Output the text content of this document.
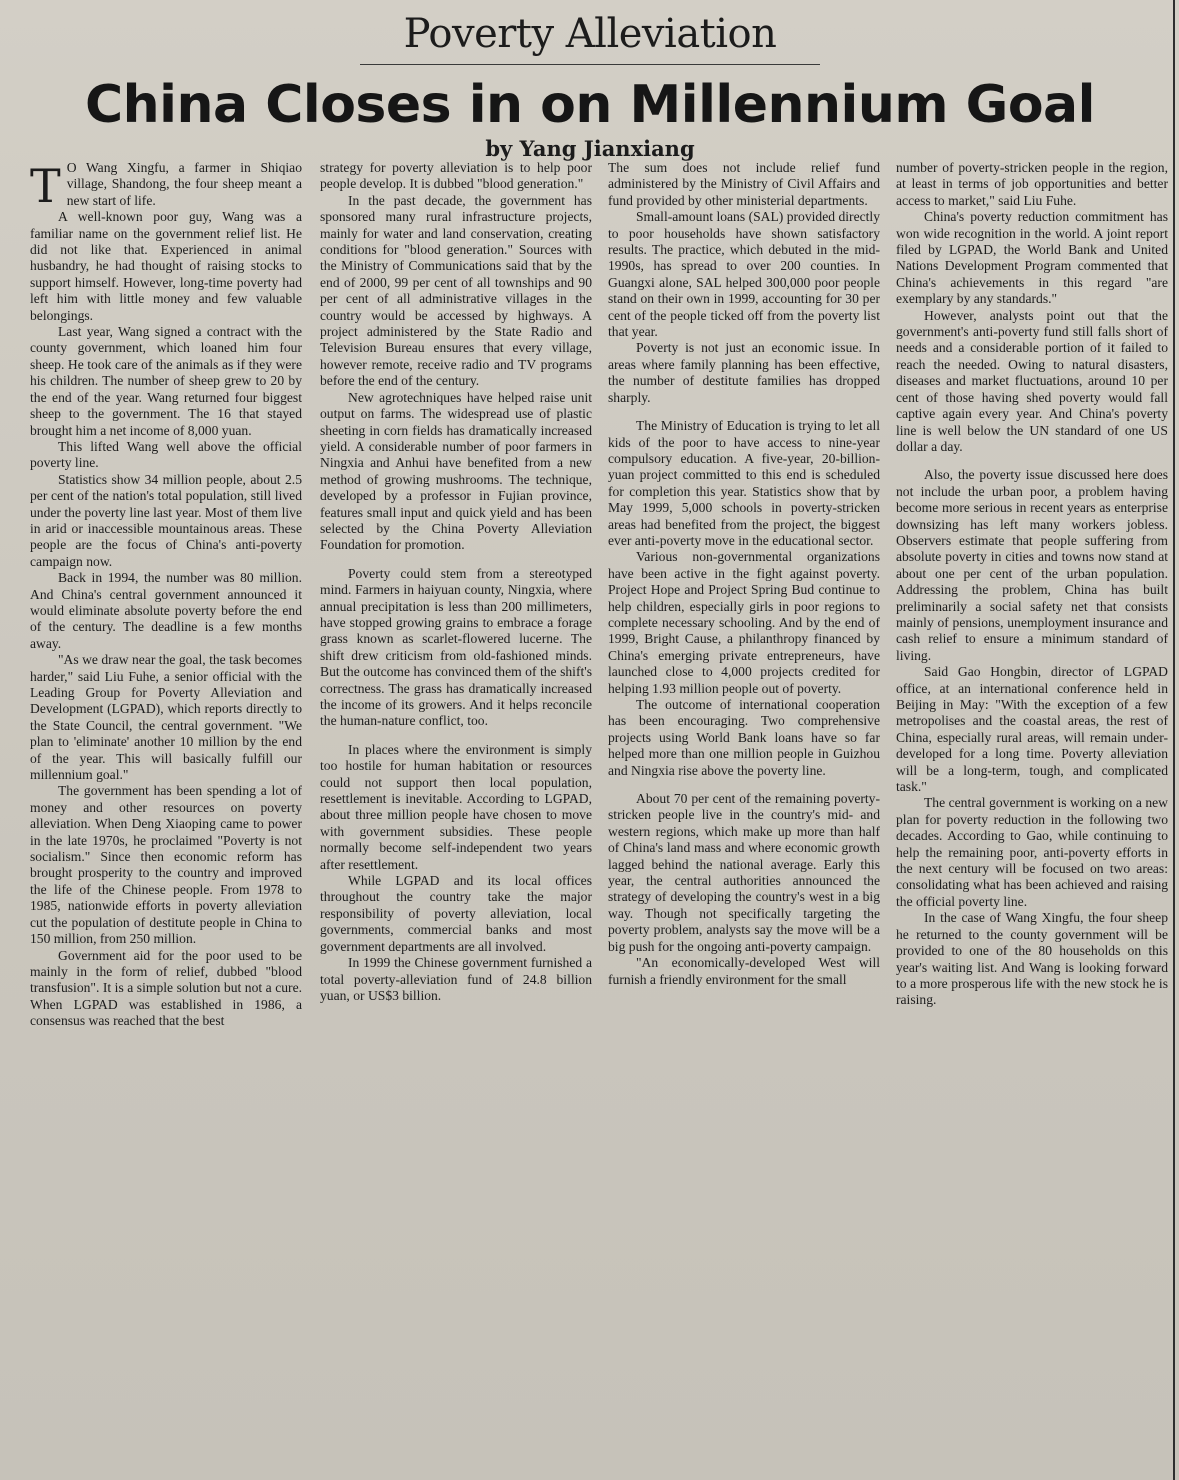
Poverty Alleviation
China Closes in on Millennium Goal
by Yang Jianxiang

T O Wang Xingfu, a farmer in Shiqiao village, Shandong, the four sheep meant a new start of life.

A well-known poor guy, Wang was a familiar name on the government relief list. He did not like that. Experienced in animal husbandry, he had thought of raising stocks to support himself. However, long-time poverty had left him with little money and few valuable belongings.

Last year, Wang signed a contract with the county government, which loaned him four sheep. He took care of the animals as if they were his children. The number of sheep grew to 20 by the end of the year. Wang returned four biggest sheep to the government. The 16 that stayed brought him a net income of 8,000 yuan.

This lifted Wang well above the official poverty line.

Statistics show 34 million people, about 2.5 per cent of the nation's total population, still lived under the poverty line last year. Most of them live in arid or inaccessible mountainous areas. These people are the focus of China's anti-poverty campaign now.

Back in 1994, the number was 80 million. And China's central government announced it would eliminate absolute poverty before the end of the century. The deadline is a few months away.

"As we draw near the goal, the task becomes harder," said Liu Fuhe, a senior official with the Leading Group for Poverty Alleviation and Development (LGPAD), which reports directly to the State Council, the central government. "We plan to 'eliminate' another 10 million by the end of the year. This will basically fulfill our millennium goal."

The government has been spending a lot of money and other resources on poverty alleviation. When Deng Xiaoping came to power in the late 1970s, he proclaimed "Poverty is not socialism." Since then economic reform has brought prosperity to the country and improved the life of the Chinese people. From 1978 to 1985, nationwide efforts in poverty alleviation cut the population of destitute people in China to 150 million, from 250 million.

Government aid for the poor used to be mainly in the form of relief, dubbed "blood transfusion". It is a simple solution but not a cure. When LGPAD was established in 1986, a consensus was reached that the best

strategy for poverty alleviation is to help poor people develop. It is dubbed "blood generation."

In the past decade, the government has sponsored many rural infrastructure projects, mainly for water and land conservation, creating conditions for "blood generation." Sources with the Ministry of Communications said that by the end of 2000, 99 per cent of all townships and 90 per cent of all administrative villages in the country would be accessed by highways. A project administered by the State Radio and Television Bureau ensures that every village, however remote, receive radio and TV programs before the end of the century.

New agrotechniques have helped raise unit output on farms. The widespread use of plastic sheeting in corn fields has dramatically increased yield. A considerable number of poor farmers in Ningxia and Anhui have benefited from a new method of growing mushrooms. The technique, developed by a professor in Fujian province, features small input and quick yield and has been selected by the China Poverty Alleviation Foundation for promotion.

Poverty could stem from a stereotyped mind. Farmers in haiyuan county, Ningxia, where annual precipitation is less than 200 millimeters, have stopped growing grains to embrace a forage grass known as scarlet-flowered lucerne. The shift drew criticism from old-fashioned minds. But the outcome has convinced them of the shift's correctness. The grass has dramatically increased the income of its growers. And it helps reconcile the human-nature conflict, too.

In places where the environment is simply too hostile for human habitation or resources could not support then local population, resettlement is inevitable. According to LGPAD, about three million people have chosen to move with government subsidies. These people normally become self-independent two years after resettlement.

While LGPAD and its local offices throughout the country take the major responsibility of poverty alleviation, local governments, commercial banks and most government departments are all involved.

In 1999 the Chinese government furnished a total poverty-alleviation fund of 24.8 billion yuan, or US$3 billion.

The sum does not include relief fund administered by the Ministry of Civil Affairs and fund provided by other ministerial departments.

Small-amount loans (SAL) provided directly to poor households have shown satisfactory results. The practice, which debuted in the mid-1990s, has spread to over 200 counties. In Guangxi alone, SAL helped 300,000 poor people stand on their own in 1999, accounting for 30 per cent of the people ticked off from the poverty list that year.

Poverty is not just an economic issue. In areas where family planning has been effective, the number of destitute families has dropped sharply.

The Ministry of Education is trying to let all kids of the poor to have access to nine-year compulsory education. A five-year, 20-billion-yuan project committed to this end is scheduled for completion this year. Statistics show that by May 1999, 5,000 schools in poverty-stricken areas had benefited from the project, the biggest ever anti-poverty move in the educational sector.

Various non-governmental organizations have been active in the fight against poverty. Project Hope and Project Spring Bud continue to help children, especially girls in poor regions to complete necessary schooling. And by the end of 1999, Bright Cause, a philanthropy financed by China's emerging private entrepreneurs, have launched close to 4,000 projects credited for helping 1.93 million people out of poverty.

The outcome of international cooperation has been encouraging. Two comprehensive projects using World Bank loans have so far helped more than one million people in Guizhou and Ningxia rise above the poverty line.

About 70 per cent of the remaining poverty-stricken people live in the country's mid- and western regions, which make up more than half of China's land mass and where economic growth lagged behind the national average. Early this year, the central authorities announced the strategy of developing the country's west in a big way. Though not specifically targeting the poverty problem, analysts say the move will be a big push for the ongoing anti-poverty campaign.

"An economically-developed West will furnish a friendly environment for the small

number of poverty-stricken people in the region, at least in terms of job opportunities and better access to market," said Liu Fuhe.

China's poverty reduction commitment has won wide recognition in the world. A joint report filed by LGPAD, the World Bank and United Nations Development Program commented that China's achievements in this regard "are exemplary by any standards."

However, analysts point out that the government's anti-poverty fund still falls short of needs and a considerable portion of it failed to reach the needed. Owing to natural disasters, diseases and market fluctuations, around 10 per cent of those having shed poverty would fall captive again every year. And China's poverty line is well below the UN standard of one US dollar a day.

Also, the poverty issue discussed here does not include the urban poor, a problem having become more serious in recent years as enterprise downsizing has left many workers jobless. Observers estimate that people suffering from absolute poverty in cities and towns now stand at about one per cent of the urban population. Addressing the problem, China has built preliminarily a social safety net that consists mainly of pensions, unemployment insurance and cash relief to ensure a minimum standard of living.

Said Gao Hongbin, director of LGPAD office, at an international conference held in Beijing in May: "With the exception of a few metropolises and the coastal areas, the rest of China, especially rural areas, will remain under-developed for a long time. Poverty alleviation will be a long-term, tough, and complicated task."

The central government is working on a new plan for poverty reduction in the following two decades. According to Gao, while continuing to help the remaining poor, anti-poverty efforts in the next century will be focused on two areas: consolidating what has been achieved and raising the official poverty line.

In the case of Wang Xingfu, the four sheep he returned to the county government will be provided to one of the 80 households on this year's waiting list. And Wang is looking forward to a more prosperous life with the new stock he is raising.
